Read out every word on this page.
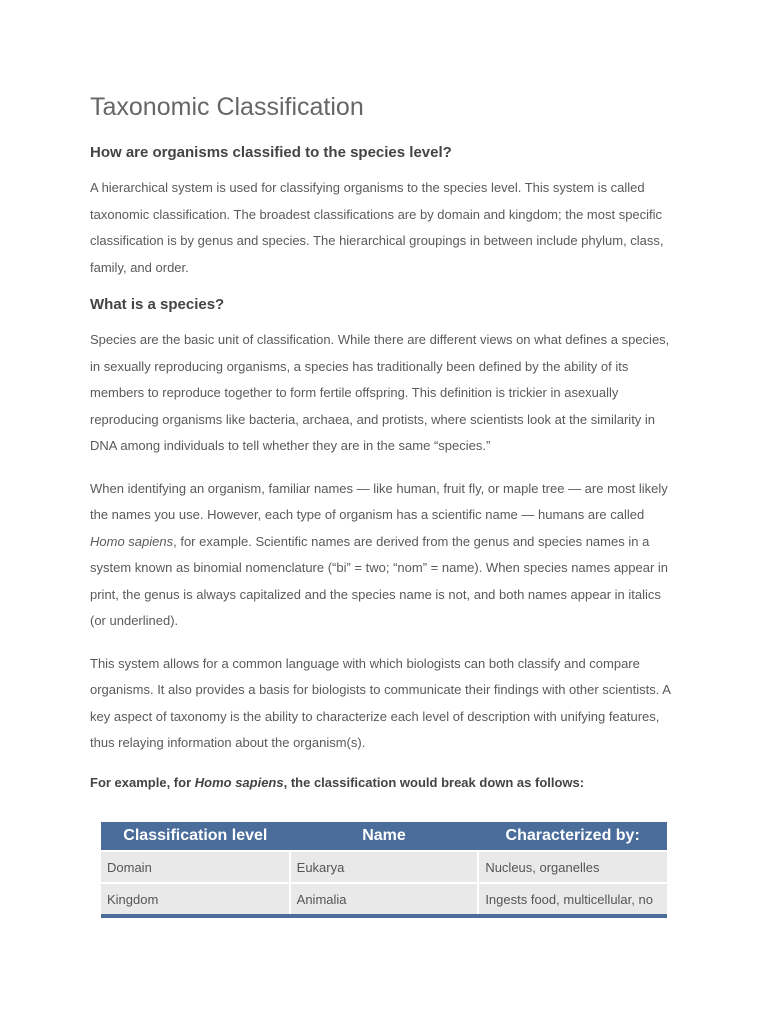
Taxonomic Classification
How are organisms classified to the species level?

A hierarchical system is used for classifying organisms to the species level. This system is called taxonomic classification. The broadest classifications are by domain and kingdom; the most specific classification is by genus and species. The hierarchical groupings in between include phylum, class, family, and order.

What is a species?

Species are the basic unit of classification. While there are different views on what defines a species, in sexually reproducing organisms, a species has traditionally been defined by the ability of its members to reproduce together to form fertile offspring. This definition is trickier in asexually reproducing organisms like bacteria, archaea, and protists, where scientists look at the similarity in DNA among individuals to tell whether they are in the same “species.”

When identifying an organism, familiar names — like human, fruit fly, or maple tree — are most likely the names you use. However, each type of organism has a scientific name — humans are called Homo sapiens, for example. Scientific names are derived from the genus and species names in a system known as binomial nomenclature (“bi” = two; “nom” = name). When species names appear in print, the genus is always capitalized and the species name is not, and both names appear in italics (or underlined).

This system allows for a common language with which biologists can both classify and compare organisms. It also provides a basis for biologists to communicate their findings with other scientists. A key aspect of taxonomy is the ability to characterize each level of description with unifying features, thus relaying information about the organism(s).

For example, for Homo sapiens, the classification would break down as follows:

Classification level	Name	Characterized by:
Domain	Eukarya	Nucleus, organelles
Kingdom	Animalia	Ingests food, multicellular, no
